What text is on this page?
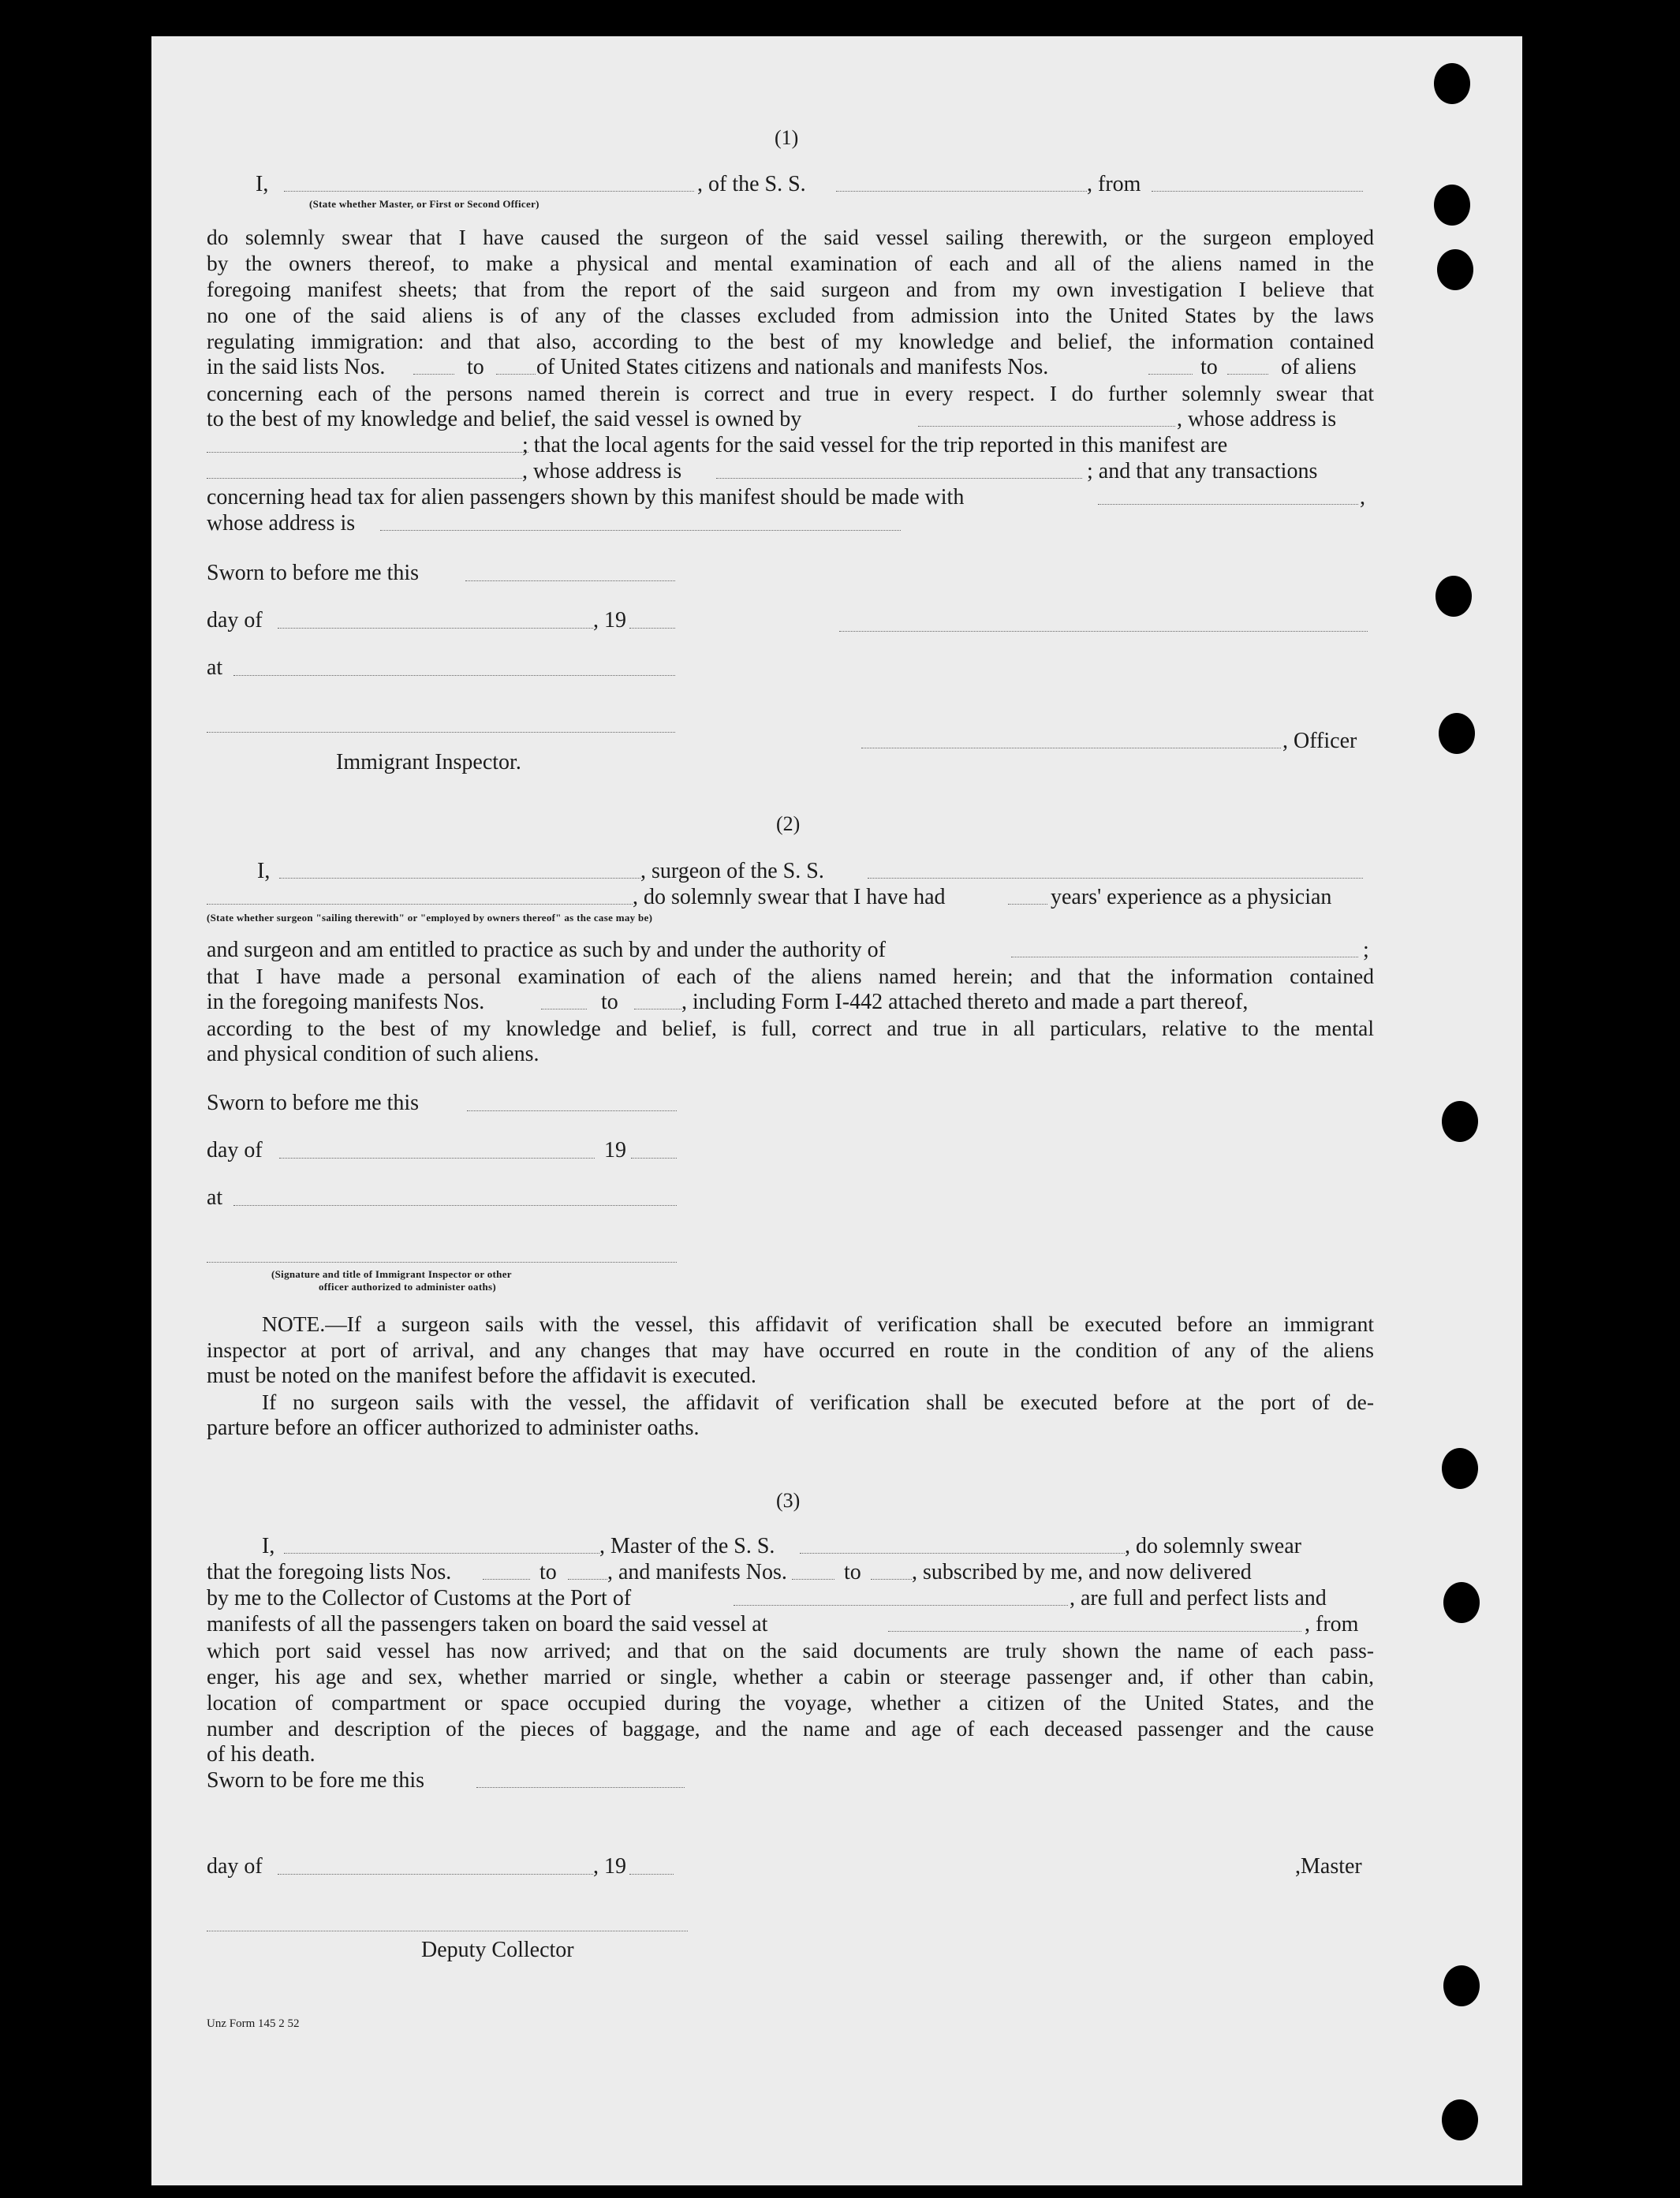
(1)
I,	, of the S. S.	, from
(State whether Master, or First or Second Officer)
do solemnly swear that I have caused the surgeon of the said vessel sailing therewith, or the surgeon employed
by the owners thereof, to make a physical and mental examination of each and all of the aliens named in the
foregoing manifest sheets; that from the report of the said surgeon and from my own investigation I believe that
no one of the said aliens is of any of the classes excluded from admission into the United States by the laws
regulating immigration: and that also, according to the best of my knowledge and belief, the information contained
in the said lists Nos.	to of United States citizens and nationals and manifests Nos.	to	of aliens
concerning each of the persons named therein is correct and true in every respect. I do further solemnly swear that
to the best of my knowledge and belief, the said vessel is owned by	, whose address is
; that the local agents for the said vessel for the trip reported in this manifest are
, whose address is	; and that any transactions
concerning head tax for alien passengers shown by this manifest should be made with	,
whose address is
Sworn to before me this
day of	, 19
at
Immigrant Inspector.
, Officer
(2)
I,	, surgeon of the S. S.
, do solemnly swear that I have had	years' experience as a physician
(State whether surgeon "sailing therewith" or "employed by owners thereof" as the case may be)
and surgeon and am entitled to practice as such by and under the authority of	;
that I have made a personal examination of each of the aliens named herein; and that the information contained
in the foregoing manifests Nos.	to	, including Form I-442 attached thereto and made a part thereof,
according to the best of my knowledge and belief, is full, correct and true in all particulars, relative to the mental
and physical condition of such aliens.
Sworn to before me this
day of	19
at
(Signature and title of Immigrant Inspector or other
officer authorized to administer oaths)
NOTE.—If a surgeon sails with the vessel, this affidavit of verification shall be executed before an immigrant
inspector at port of arrival, and any changes that may have occurred en route in the condition of any of the aliens
must be noted on the manifest before the affidavit is executed.
If no surgeon sails with the vessel, the affidavit of verification shall be executed before at the port of de-
parture before an officer authorized to administer oaths.
(3)
I,	, Master of the S. S.	, do solemnly swear
that the foregoing lists Nos.	to , and manifests Nos.	to , subscribed by me, and now delivered
by me to the Collector of Customs at the Port of	, are full and perfect lists and
manifests of all the passengers taken on board the said vessel at	, from
which port said vessel has now arrived; and that on the said documents are truly shown the name of each pass-
enger, his age and sex, whether married or single, whether a cabin or steerage passenger and, if other than cabin,
location of compartment or space occupied during the voyage, whether a citizen of the United States, and the
number and description of the pieces of baggage, and the name and age of each deceased passenger and the cause
of his death.
Sworn to be fore me this
day of	, 19	,Master
Deputy Collector
Unz Form 145 2 52
